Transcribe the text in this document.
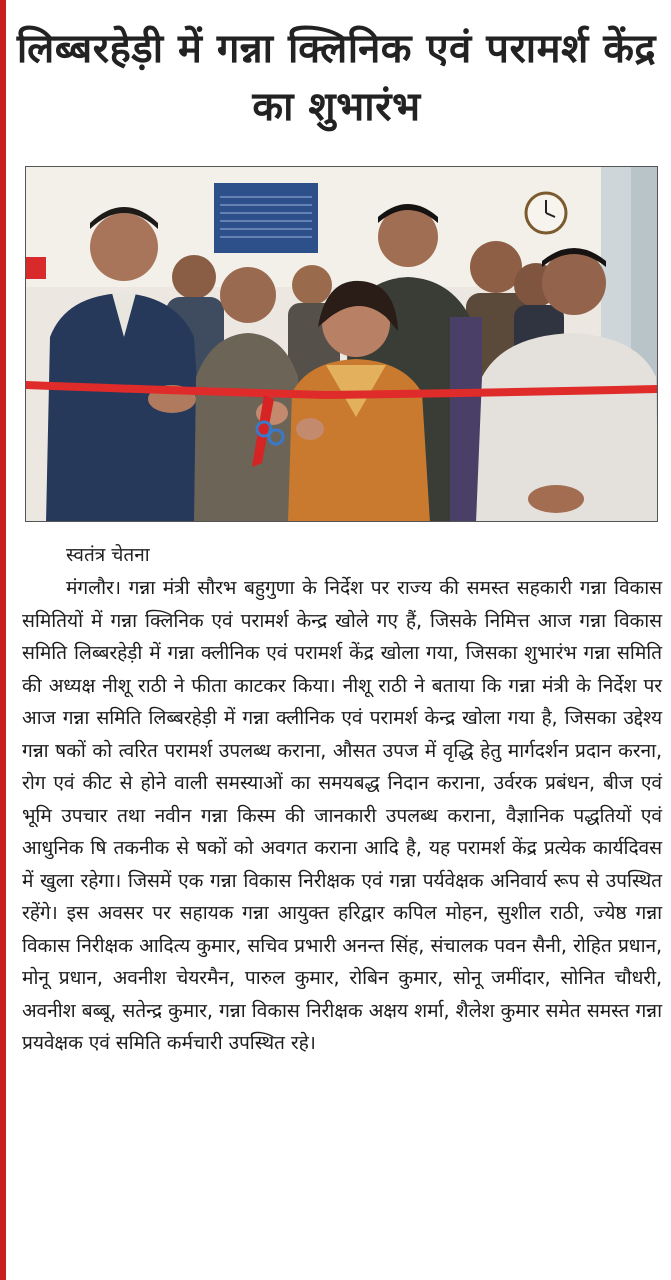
लिब्बरहेड़ी में गन्ना क्लिनिक एवं परामर्श केंद्र का शुभारंभ

स्वतंत्र चेतना

मंगलौर। गन्ना मंत्री सौरभ बहुगुणा के निर्देश पर राज्य की समस्त सहकारी गन्ना विकास समितियों में गन्ना क्लिनिक एवं परामर्श केन्द्र खोले गए हैं, जिसके निमित्त आज गन्ना विकास समिति लिब्बरहेड़ी में गन्ना क्लीनिक एवं परामर्श केंद्र खोला गया, जिसका शुभारंभ गन्ना समिति की अध्यक्ष नीशू राठी ने फीता काटकर किया। नीशू राठी ने बताया कि गन्ना मंत्री के निर्देश पर आज गन्ना समिति लिब्बरहेड़ी में गन्ना क्लीनिक एवं परामर्श केन्द्र खोला गया है, जिसका उद्देश्य गन्ना षकों को त्वरित परामर्श उपलब्ध कराना, औसत उपज में वृद्धि हेतु मार्गदर्शन प्रदान करना, रोग एवं कीट से होने वाली समस्याओं का समयबद्ध निदान कराना, उर्वरक प्रबंधन, बीज एवं भूमि उपचार तथा नवीन गन्ना किस्म की जानकारी उपलब्ध कराना, वैज्ञानिक पद्धतियों एवं आधुनिक षि तकनीक से षकों को अवगत कराना आदि है, यह परामर्श केंद्र प्रत्येक कार्यदिवस में खुला रहेगा। जिसमें एक गन्ना विकास निरीक्षक एवं गन्ना पर्यवेक्षक अनिवार्य रूप से उपस्थित रहेंगे। इस अवसर पर सहायक गन्ना आयुक्त हरिद्वार कपिल मोहन, सुशील राठी, ज्येष्ठ गन्ना विकास निरीक्षक आदित्य कुमार, सचिव प्रभारी अनन्त सिंह, संचालक पवन सैनी, रोहित प्रधान, मोनू प्रधान, अवनीश चेयरमैन, पारुल कुमार, रोबिन कुमार, सोनू जमींदार, सोनित चौधरी, अवनीश बब्बू, सतेन्द्र कुमार, गन्ना विकास निरीक्षक अक्षय शर्मा, शैलेश कुमार समेत समस्त गन्ना प्रयवेक्षक एवं समिति कर्मचारी उपस्थित रहे।
